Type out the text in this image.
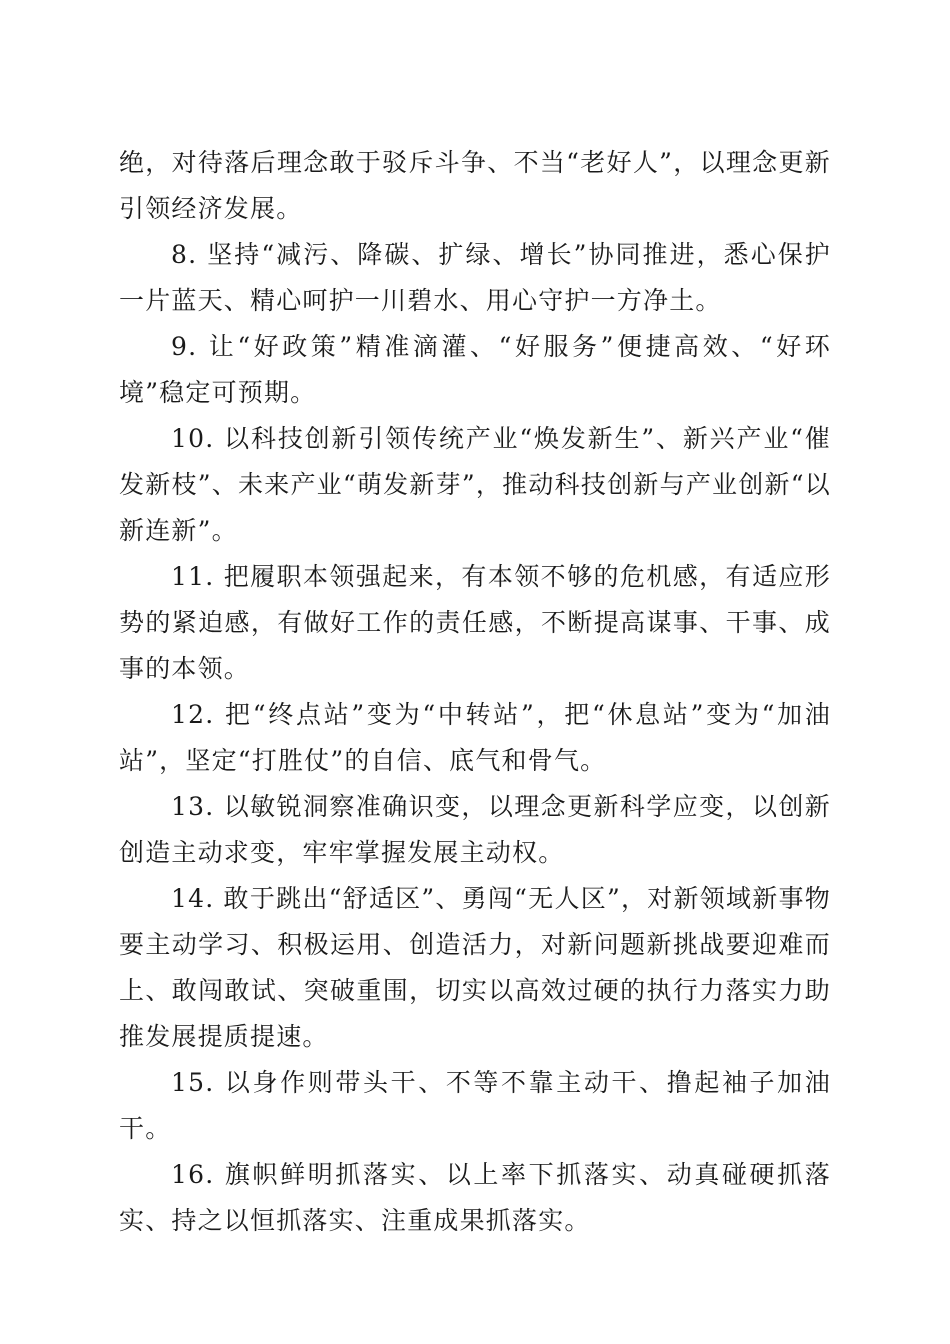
绝，对待落后理念敢于驳斥斗争、不当“老好人”，以理念更新引领经济发展。

8. 坚持“减污、降碳、扩绿、增长”协同推进，悉心保护一片蓝天、精心呵护一川碧水、用心守护一方净土。

9. 让“好政策”精准滴灌、“好服务”便捷高效、“好环境”稳定可预期。

10. 以科技创新引领传统产业“焕发新生”、新兴产业“催发新枝”、未来产业“萌发新芽”，推动科技创新与产业创新“以新连新”。

11. 把履职本领强起来，有本领不够的危机感，有适应形势的紧迫感，有做好工作的责任感，不断提高谋事、干事、成事的本领。

12. 把“终点站”变为“中转站”，把“休息站”变为“加油站”，坚定“打胜仗”的自信、底气和骨气。

13. 以敏锐洞察准确识变，以理念更新科学应变，以创新创造主动求变，牢牢掌握发展主动权。

14. 敢于跳出“舒适区”、勇闯“无人区”，对新领域新事物要主动学习、积极运用、创造活力，对新问题新挑战要迎难而上、敢闯敢试、突破重围，切实以高效过硬的执行力落实力助推发展提质提速。

15. 以身作则带头干、不等不靠主动干、撸起袖子加油干。

16. 旗帜鲜明抓落实、以上率下抓落实、动真碰硬抓落实、持之以恒抓落实、注重成果抓落实。
